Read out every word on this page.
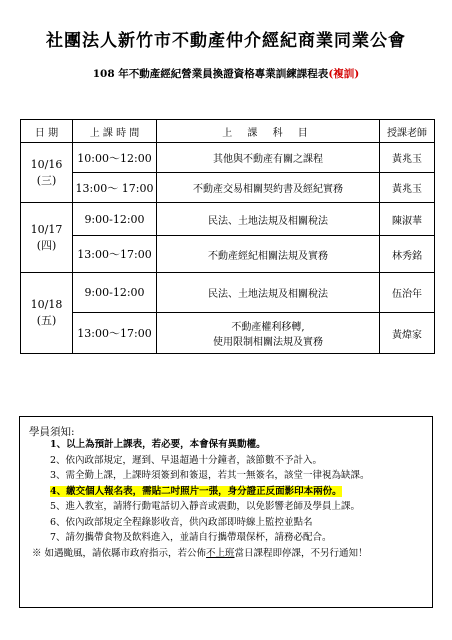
社團法人新竹市不動產仲介經紀商業同業公會
108 年不動產經紀營業員換證資格專業訓練課程表(複訓)
日 期	上 課 時 間	上 課 科 目	授課老師

10/16
(三)	10:00～12:00	其他與不動產有關之課程	黃兆玉
	13:00～ 17:00	不動產交易相關契約書及經紀實務	黃兆玉

10/17
(四)	9:00-12:00	民法、土地法規及相關稅法	陳淑華
	13:00～17:00	不動產經紀相關法規及實務	林秀銘

10/18
(五)	9:00-12:00	民法、土地法規及相關稅法	伍治年
	13:00～17:00	不動產權利移轉,
使用限制相關法規及實務	黃煒家
學員須知:
1、以上為預計上課表，若必要，本會保有異動權。
2、依內政部規定，遲到、早退超過十分鐘者，該節數不予計入。
3、需全勤上課，上課時須簽到和簽退，若其一無簽名，該堂一律視為缺課。
4、繳交個人報名表，需貼二吋照片一張，身分證正反面影印本兩份。
5、進入教室，請將行動電話切入靜音或震動，以免影響老師及學員上課。
6、依內政部規定全程錄影收音，供內政部即時線上監控並點名
7、請勿攜帶食物及飲料進入，並請自行攜帶環保杯，請務必配合。
※ 如遇颱風，請依縣市政府指示，若公佈不上班當日課程即停課，不另行通知！
